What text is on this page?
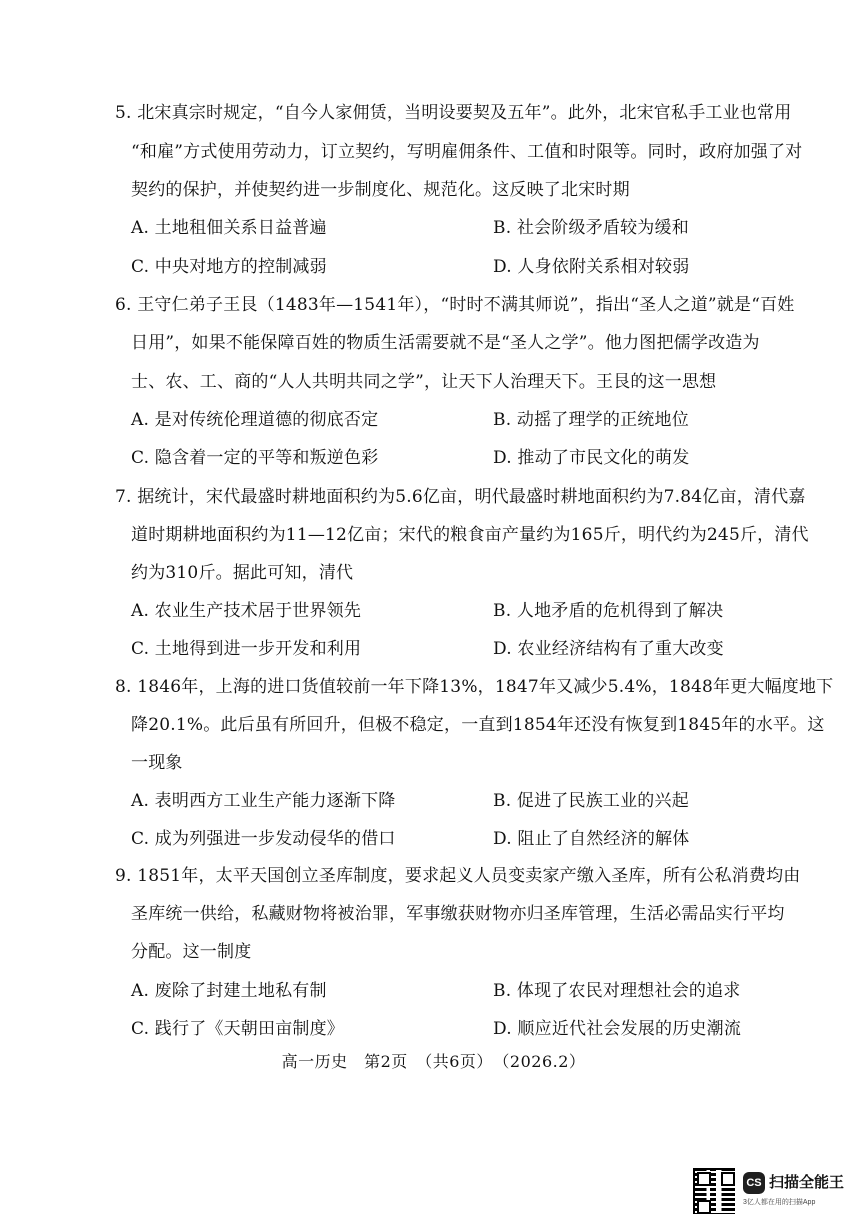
5. 北宋真宗时规定，“自今人家佣赁，当明设要契及五年”。此外，北宋官私手工业也常用
“和雇”方式使用劳动力，订立契约，写明雇佣条件、工值和时限等。同时，政府加强了对
契约的保护，并使契约进一步制度化、规范化。这反映了北宋时期
A. 土地租佃关系日益普遍	B. 社会阶级矛盾较为缓和
C. 中央对地方的控制减弱	D. 人身依附关系相对较弱
6. 王守仁弟子王艮（1483年—1541年），“时时不满其师说”，指出“圣人之道”就是“百姓
日用”，如果不能保障百姓的物质生活需要就不是“圣人之学”。他力图把儒学改造为
士、农、工、商的“人人共明共同之学”，让天下人治理天下。王艮的这一思想
A. 是对传统伦理道德的彻底否定	B. 动摇了理学的正统地位
C. 隐含着一定的平等和叛逆色彩	D. 推动了市民文化的萌发
7. 据统计，宋代最盛时耕地面积约为5.6亿亩，明代最盛时耕地面积约为7.84亿亩，清代嘉
道时期耕地面积约为11—12亿亩；宋代的粮食亩产量约为165斤，明代约为245斤，清代
约为310斤。据此可知，清代
A. 农业生产技术居于世界领先	B. 人地矛盾的危机得到了解决
C. 土地得到进一步开发和利用	D. 农业经济结构有了重大改变
8. 1846年，上海的进口货值较前一年下降13%，1847年又减少5.4%，1848年更大幅度地下
降20.1%。此后虽有所回升，但极不稳定，一直到1854年还没有恢复到1845年的水平。这
一现象
A. 表明西方工业生产能力逐渐下降	B. 促进了民族工业的兴起
C. 成为列强进一步发动侵华的借口	D. 阻止了自然经济的解体
9. 1851年，太平天国创立圣库制度，要求起义人员变卖家产缴入圣库，所有公私消费均由
圣库统一供给，私藏财物将被治罪，军事缴获财物亦归圣库管理，生活必需品实行平均
分配。这一制度
A. 废除了封建土地私有制	B. 体现了农民对理想社会的追求
C. 践行了《天朝田亩制度》	D. 顺应近代社会发展的历史潮流
高一历史　第2页　（共6页）　（2026.2）
CS 扫描全能王
3亿人都在用的扫描App
